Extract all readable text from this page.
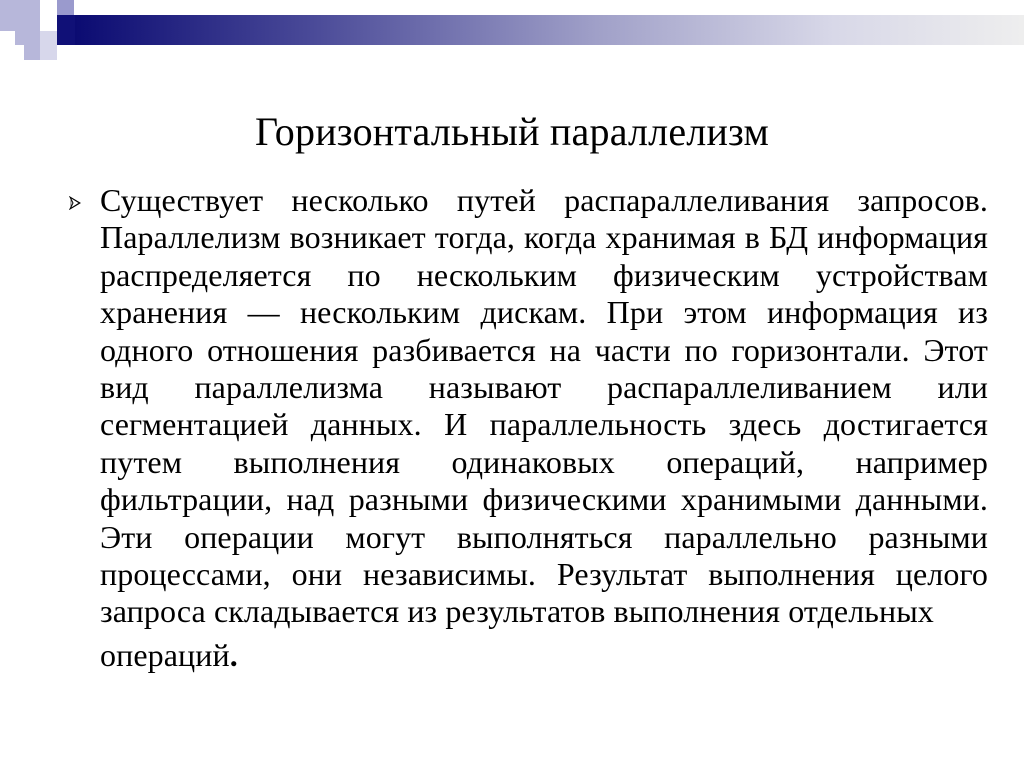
Горизонтальный параллелизм

Существует несколько путей распараллеливания запросов. Параллелизм возникает тогда, когда хранимая в БД информация распределяется по нескольким физическим устройствам хранения — нескольким дискам. При этом информация из одного отношения разбивается на части по горизонтали. Этот вид параллелизма называют распараллеливанием или сегментацией данных. И параллельность здесь достигается путем выполнения одинаковых операций, например фильтрации, над разными физическими хранимыми данными. Эти операции могут выполняться параллельно разными процессами, они независимы. Результат выполнения целого запроса складывается из результатов выполнения отдельных
операций.
